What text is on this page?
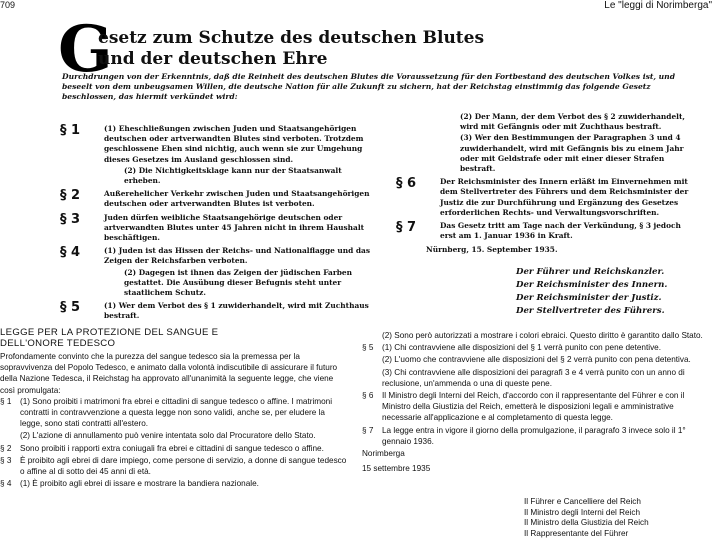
709	Le "leggi di Norimberga"
G
esetz zum Schutze des deutschen Blutes
und der deutschen Ehre
Durchdrungen von der Erkenntnis, daß die Reinheit des deutschen Blutes die Voraussetzung für den Fortbestand des deutschen Volkes ist, und beseelt von dem unbeugsamen Willen, die deutsche Nation für alle Zukunft zu sichern, hat der Reichstag einstimmig das folgende Gesetz beschlossen, das hiermit verkündet wird:
§ 1	(1) Eheschließungen zwischen Juden und Staatsangehörigen deutschen oder artverwandten Blutes sind verboten. Trotzdem geschlossene Ehen sind nichtig, auch wenn sie zur Umgehung dieses Gesetzes im Ausland geschlossen sind.
(2) Die Nichtigkeitsklage kann nur der Staatsanwalt erheben.
§ 2	Außerehelicher Verkehr zwischen Juden und Staatsangehörigen deutschen oder artverwandten Blutes ist verboten.
§ 3	Juden dürfen weibliche Staatsangehörige deutschen oder artverwandten Blutes unter 45 Jahren nicht in ihrem Haushalt beschäftigen.
§ 4	(1) Juden ist das Hissen der Reichs- und Nationalflagge und das Zeigen der Reichsfarben verboten.
(2) Dagegen ist ihnen das Zeigen der jüdischen Farben gestattet. Die Ausübung dieser Befugnis steht unter staatlichem Schutz.
§ 5	(1) Wer dem Verbot des § 1 zuwiderhandelt, wird mit Zuchthaus bestraft.
(2) Der Mann, der dem Verbot des § 2 zuwiderhandelt, wird mit Gefängnis oder mit Zuchthaus bestraft.
(3) Wer den Bestimmungen der Paragraphen 3 und 4 zuwiderhandelt, wird mit Gefängnis bis zu einem Jahr oder mit Geldstrafe oder mit einer dieser Strafen bestraft.
§ 6	Der Reichsminister des Innern erläßt im Einvernehmen mit dem Stellvertreter des Führers und dem Reichsminister der Justiz die zur Durchführung und Ergänzung des Gesetzes erforderlichen Rechts- und Verwaltungsvorschriften.
§ 7	Das Gesetz tritt am Tage nach der Verkündung, § 3 jedoch erst am 1. Januar 1936 in Kraft.
Nürnberg, 15. September 1935.
Der Führer und Reichskanzler.
Der Reichsminister des Innern.
Der Reichsminister der Justiz.
Der Stellvertreter des Führers.
LEGGE PER LA PROTEZIONE DEL SANGUE E
DELL'ONORE TEDESCO
Profondamente convinto che la purezza del sangue tedesco sia la premessa per la sopravvivenza del Popolo Tedesco, e animato dalla volontà indiscutibile di assicurare il futuro della Nazione Tedesca, il Reichstag ha approvato all'unanimità la seguente legge, che viene così promulgata:
§ 1	(1) Sono proibiti i matrimoni fra ebrei e cittadini di sangue tedesco o affine. I matrimoni contratti in contravvenzione a questa legge non sono validi, anche se, per eludere la legge, sono stati contratti all'estero.
(2) L'azione di annullamento può venire intentata solo dal Procuratore dello Stato.
§ 2	Sono proibiti i rapporti extra coniugali fra ebrei e cittadini di sangue tedesco o affine.
§ 3	È proibito agli ebrei di dare impiego, come persone di servizio, a donne di sangue tedesco o affine al di sotto dei 45 anni di età.
§ 4	(1) È proibito agli ebrei di issare e mostrare la bandiera nazionale.
(2) Sono però autorizzati a mostrare i colori ebraici. Questo diritto è garantito dallo Stato.
§ 5	(1) Chi contravviene alle disposizioni del § 1 verrà punito con pene detentive.
(2) L'uomo che contravviene alle disposizioni del § 2 verrà punito con pena detentiva.
(3) Chi contravviene alle disposizioni dei paragrafi 3 e 4 verrà punito con un anno di reclusione, un'ammenda o una di queste pene.
§ 6	Il Ministro degli Interni del Reich, d'accordo con il rappresentante del Führer e con il Ministro della Giustizia del Reich, emetterà le disposizioni legali e amministrative necessarie all'applicazione e al completamento di questa legge.
§ 7	La legge entra in vigore il giorno della promulgazione, il paragrafo 3 invece solo il 1° gennaio 1936.
Norimberga
15 settembre 1935
Il Führer e Cancelliere del Reich
Il Ministro degli Interni del Reich
Il Ministro della Giustizia del Reich
Il Rappresentante del Führer
